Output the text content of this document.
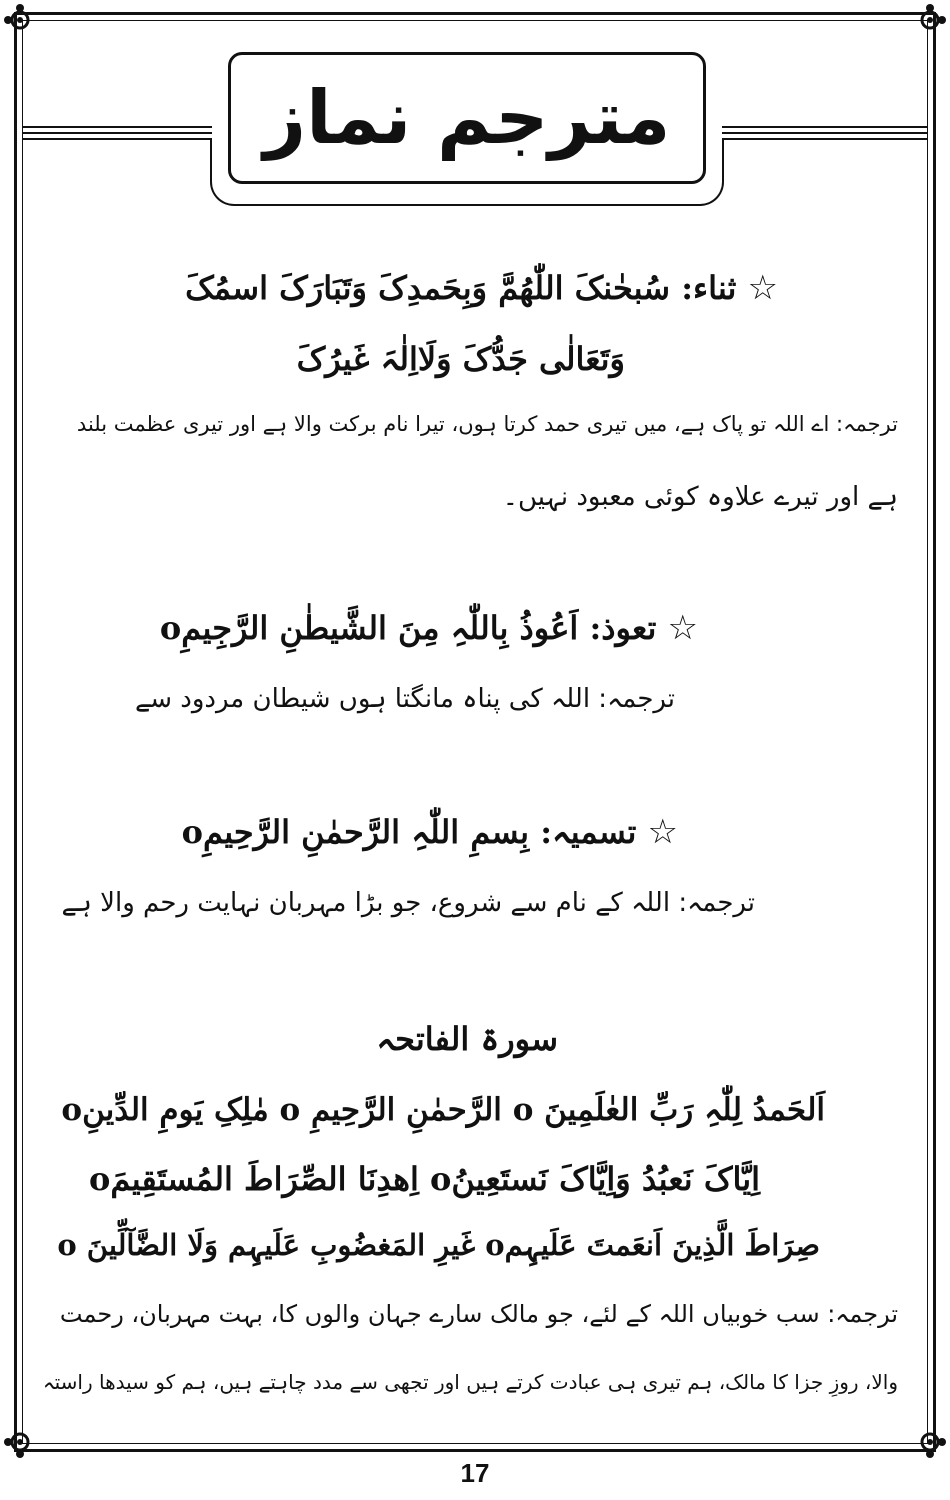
مترجم نماز
☆ ثناء: سُبحٰنکَ اللّٰھُمَّ وَبِحَمدِکَ وَتَبَارَکَ اسمُکَ
وَتَعَالٰی جَدُّکَ وَلَااِلٰہَ غَیرُکَ
ترجمہ: اے اللہ تو پاک ہے، میں تیری حمد کرتا ہوں، تیرا نام برکت والا ہے اور تیری عظمت بلند
ہے اور تیرے علاوہ کوئی معبود نہیں۔
☆ تعوذ: اَعُوذُ بِاللّٰہِ مِنَ الشَّیطٰنِ الرَّجِیمِo
ترجمہ: اللہ کی پناہ مانگتا ہوں شیطان مردود سے
☆ تسمیہ: بِسمِ اللّٰہِ الرَّحمٰنِ الرَّحِیمِo
ترجمہ: اللہ کے نام سے شروع، جو بڑا مہربان نہایت رحم والا ہے
سورۃ الفاتحہ
اَلحَمدُ لِلّٰہِ رَبِّ العٰلَمِینَ o الرَّحمٰنِ الرَّحِیمِ o مٰلِکِ یَومِ الدِّینِo
اِیَّاکَ نَعبُدُ وَاِیَّاکَ نَستَعِینُo اِھدِنَا الصِّرَاطَ المُستَقِیمَo
صِرَاطَ الَّذِینَ اَنعَمتَ عَلَیہِمo غَیرِ المَغضُوبِ عَلَیہِم وَلَا الضَّآلِّینَ o
ترجمہ: سب خوبیاں اللہ کے لئے، جو مالک سارے جہان والوں کا، بہت مہربان، رحمت
والا، روزِ جزا کا مالک، ہم تیری ہی عبادت کرتے ہیں اور تجھی سے مدد چاہتے ہیں، ہم کو سیدھا راستہ
17
